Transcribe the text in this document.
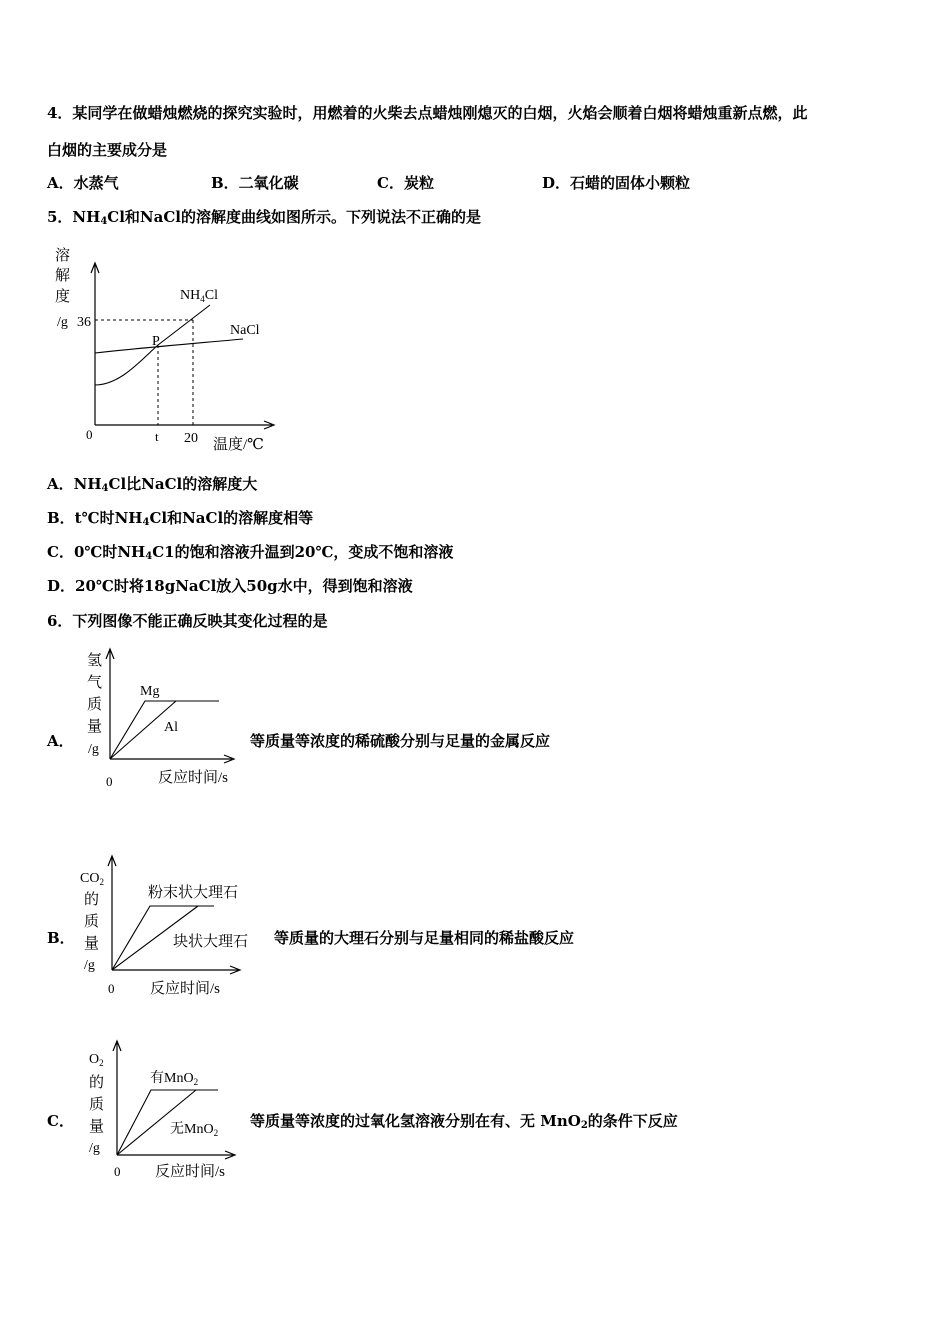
4．某同学在做蜡烛燃烧的探究实验时，用燃着的火柴去点蜡烛刚熄灭的白烟，火焰会顺着白烟将蜡烛重新点燃，此
白烟的主要成分是
A．水蒸气	B．二氧化碳	C．炭粒	D．石蜡的固体小颗粒
5．$NH_4Cl$和NaCl的溶解度曲线如图所示。下列说法不正确的是
溶
解
度
/g 36
$NH_4Cl$
NaCl
P
0	t 20 温度/℃
A．$NH_4Cl$比NaCl的溶解度大
B．t℃时$NH_4Cl$和NaCl的溶解度相等
C．0℃时$NH_4C1$的饱和溶液升温到20℃，变成不饱和溶液
D．20℃时将18gNaCl放入50g水中，得到饱和溶液
6．下列图像不能正确反映其变化过程的是
A．
氢
气
质
量
/g
Mg
Al
0	反应时间/s
等质量等浓度的稀硫酸分别与足量的金属反应
B．
$CO_2$
的
质
量
/g
粉末状大理石
块状大理石
0 反应时间/s
等质量的大理石分别与足量相同的稀盐酸反应
C．
$O_2$
的
质
量
/g
有MnO$_2$
无MnO$_2$
0 反应时间/s
等质量等浓度的过氧化氢溶液分别在有、无 MnO$_2$的条件下反应
